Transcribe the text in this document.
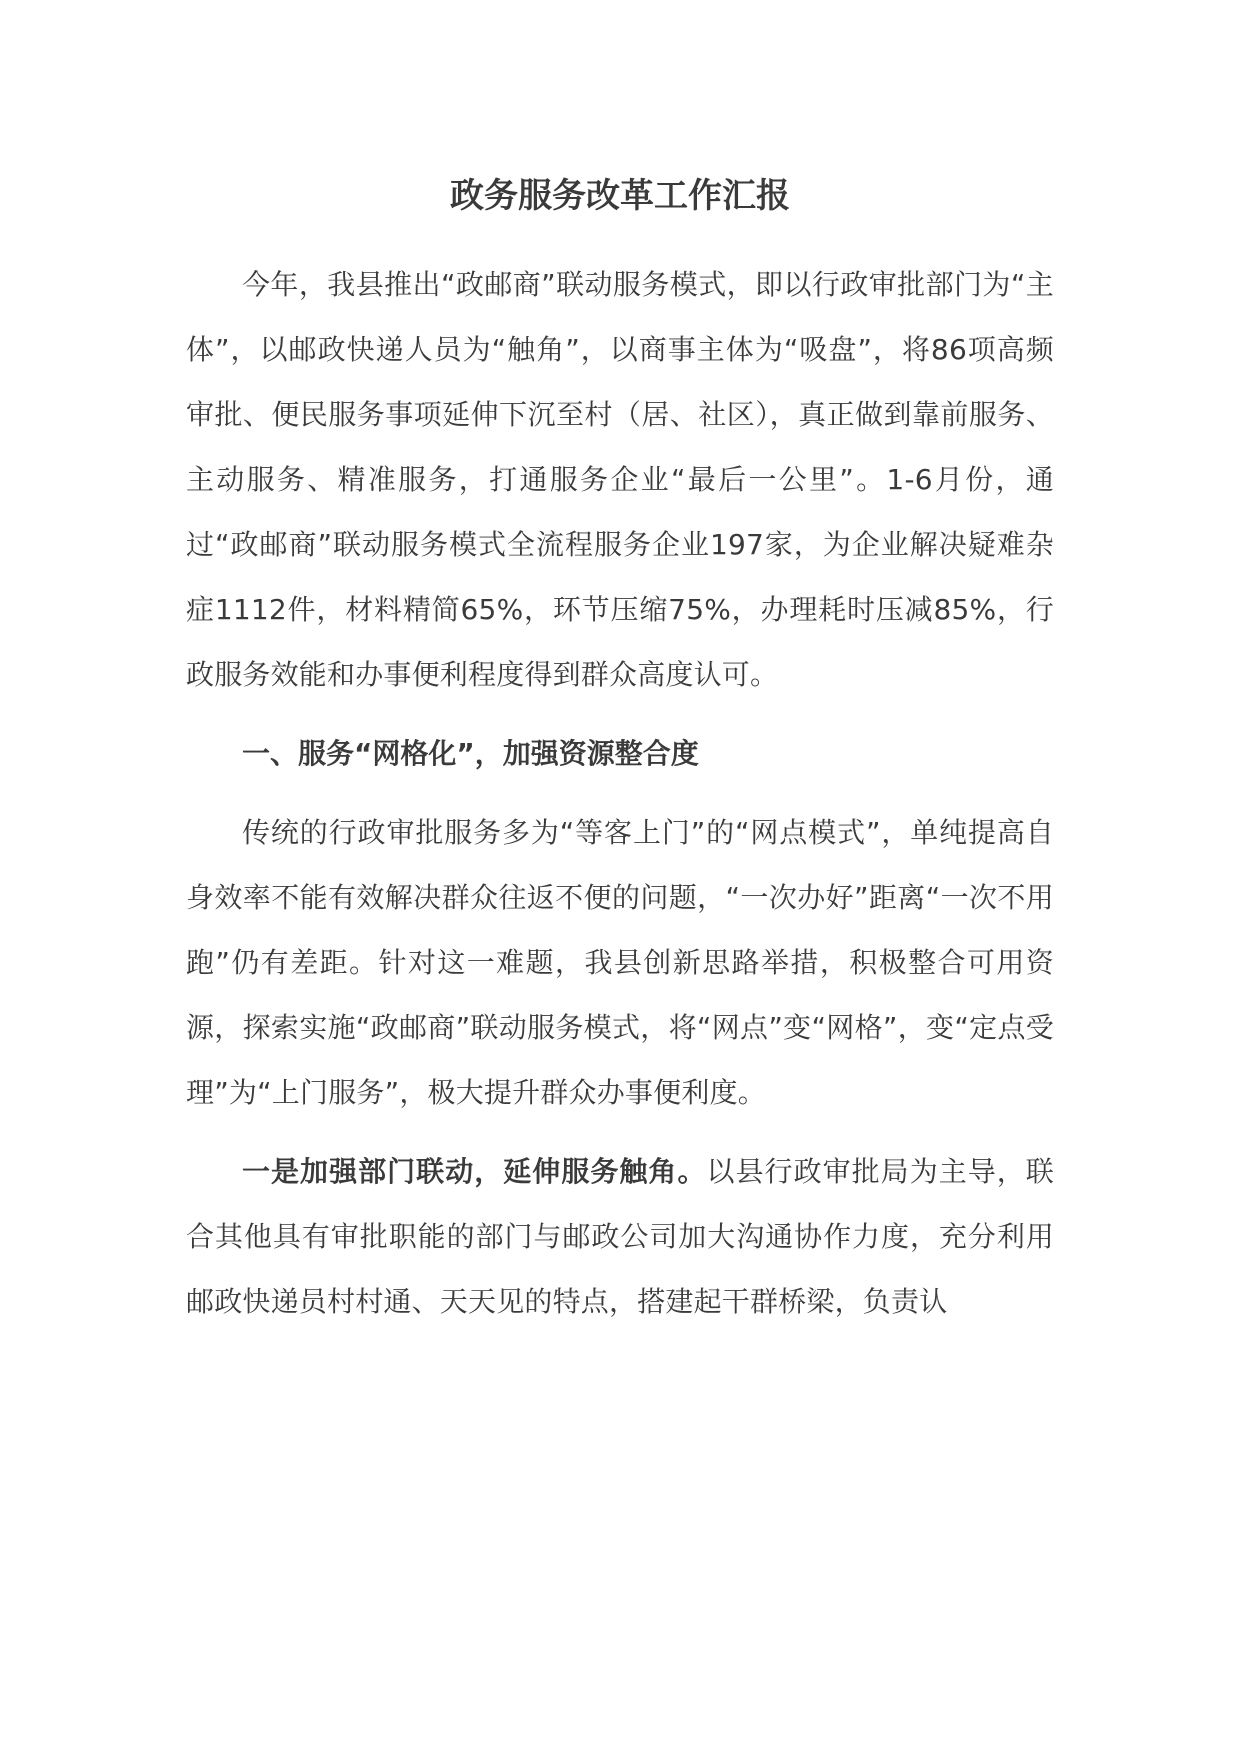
政务服务改革工作汇报

今年，我县推出“政邮商”联动服务模式，即以行政审批部门为“主体”，以邮政快递人员为“触角”，以商事主体为“吸盘”，将86项高频审批、便民服务事项延伸下沉至村（居、社区），真正做到靠前服务、主动服务、精准服务，打通服务企业“最后一公里”。1-6月份，通过“政邮商”联动服务模式全流程服务企业197家，为企业解决疑难杂症1112件，材料精简65%，环节压缩75%，办理耗时压减85%，行政服务效能和办事便利程度得到群众高度认可。

一、服务“网格化”，加强资源整合度

传统的行政审批服务多为“等客上门”的“网点模式”，单纯提高自身效率不能有效解决群众往返不便的问题，“一次办好”距离“一次不用跑”仍有差距。针对这一难题，我县创新思路举措，积极整合可用资源，探索实施“政邮商”联动服务模式，将“网点”变“网格”，变“定点受理”为“上门服务”，极大提升群众办事便利度。

一是加强部门联动，延伸服务触角。以县行政审批局为主导，联合其他具有审批职能的部门与邮政公司加大沟通协作力度，充分利用邮政快递员村村通、天天见的特点，搭建起干群桥梁，负责认
